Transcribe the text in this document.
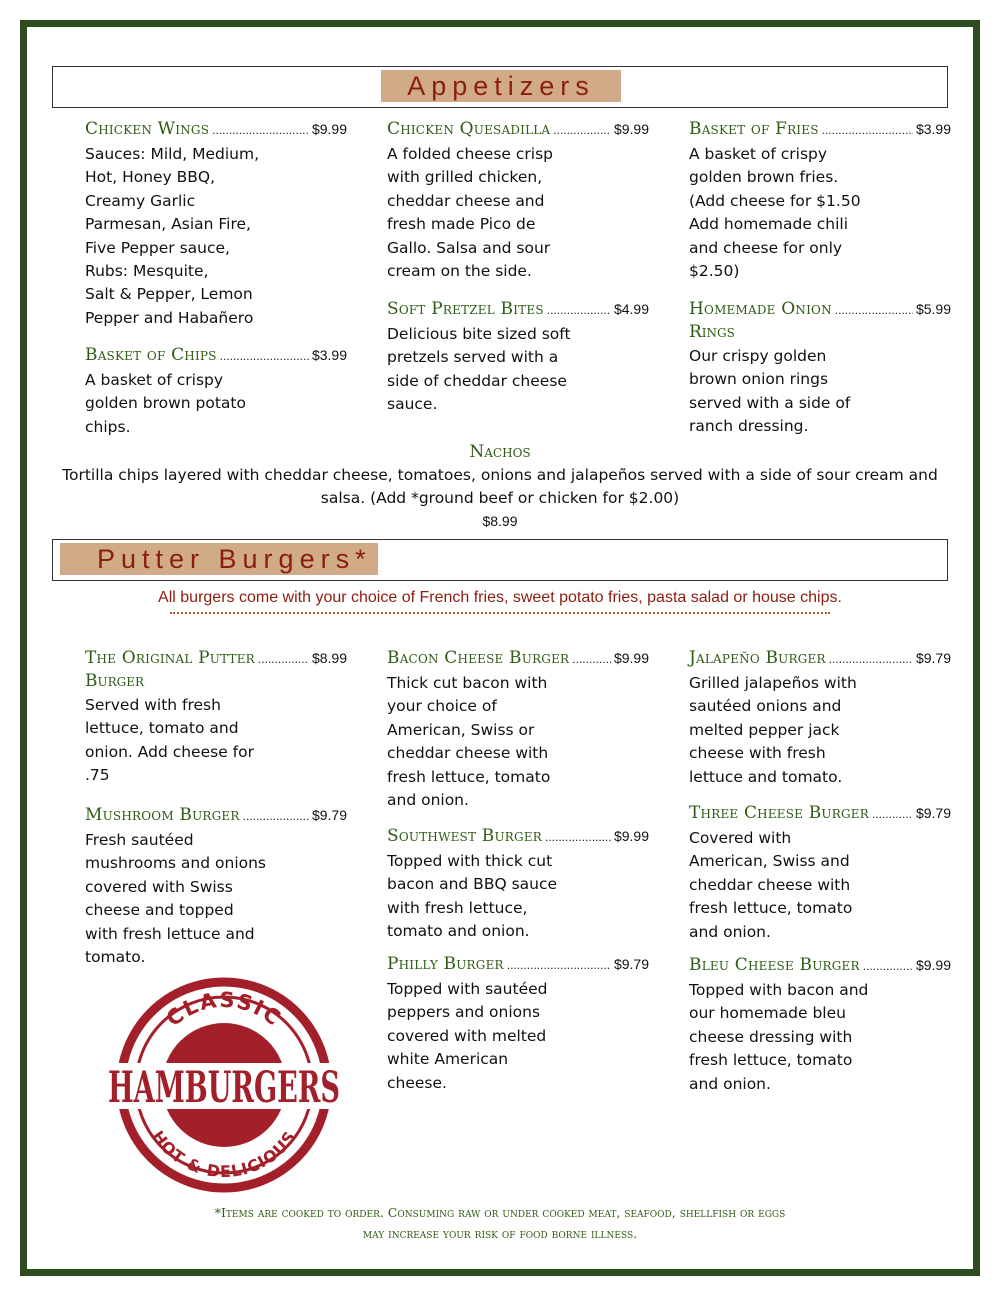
Appetizers
Chicken Wings .....	$9.99
Sauces: Mild, Medium,
Hot, Honey BBQ,
Creamy Garlic
Parmesan, Asian Fire,
Five Pepper sauce,
Rubs: Mesquite,
Salt & Pepper, Lemon
Pepper and Habañero
Basket of Chips .....	$3.99
A basket of crispy
golden brown potato
chips.
Chicken Quesadilla .....	$9.99
A folded cheese crisp
with grilled chicken,
cheddar cheese and
fresh made Pico de
Gallo. Salsa and sour
cream on the side.
Soft Pretzel Bites .....	$4.99
Delicious bite sized soft
pretzels served with a
side of cheddar cheese
sauce.
Basket of Fries .....	$3.99
A basket of crispy
golden brown fries.
(Add cheese for $1.50
Add homemade chili
and cheese for only
$2.50)
Homemade Onion .....	$5.99
Rings
Our crispy golden
brown onion rings
served with a side of
ranch dressing.
Nachos
Tortilla chips layered with cheddar cheese, tomatoes, onions and jalapeños served with a side of sour cream and salsa. (Add *ground beef or chicken for $2.00)
$8.99
Putter Burgers*
All burgers come with your choice of French fries, sweet potato fries, pasta salad or house chips.
The Original Putter .....	$8.99
Burger
Served with fresh
lettuce, tomato and
onion. Add cheese for
.75
Mushroom Burger .....	$9.79
Fresh sautéed
mushrooms and onions
covered with Swiss
cheese and topped
with fresh lettuce and
tomato.
Bacon Cheese Burger .....	$9.99
Thick cut bacon with
your choice of
American, Swiss or
cheddar cheese with
fresh lettuce, tomato
and onion.
Southwest Burger .....	$9.99
Topped with thick cut
bacon and BBQ sauce
with fresh lettuce,
tomato and onion.
Philly Burger .....	$9.79
Topped with sautéed
peppers and onions
covered with melted
white American
cheese.
Jalapeño Burger .....	$9.79
Grilled jalapeños with
sautéed onions and
melted pepper jack
cheese with fresh
lettuce and tomato.
Three Cheese Burger .....	$9.79
Covered with
American, Swiss and
cheddar cheese with
fresh lettuce, tomato
and onion.
Bleu Cheese Burger .....	$9.99
Topped with bacon and
our homemade bleu
cheese dressing with
fresh lettuce, tomato
and onion.
CLASSIC
HAMBURGERS
HOT & DELICIOUS
*Items are cooked to order. Consuming raw or under cooked meat, seafood, shellfish or eggs
may increase your risk of food borne illness.
